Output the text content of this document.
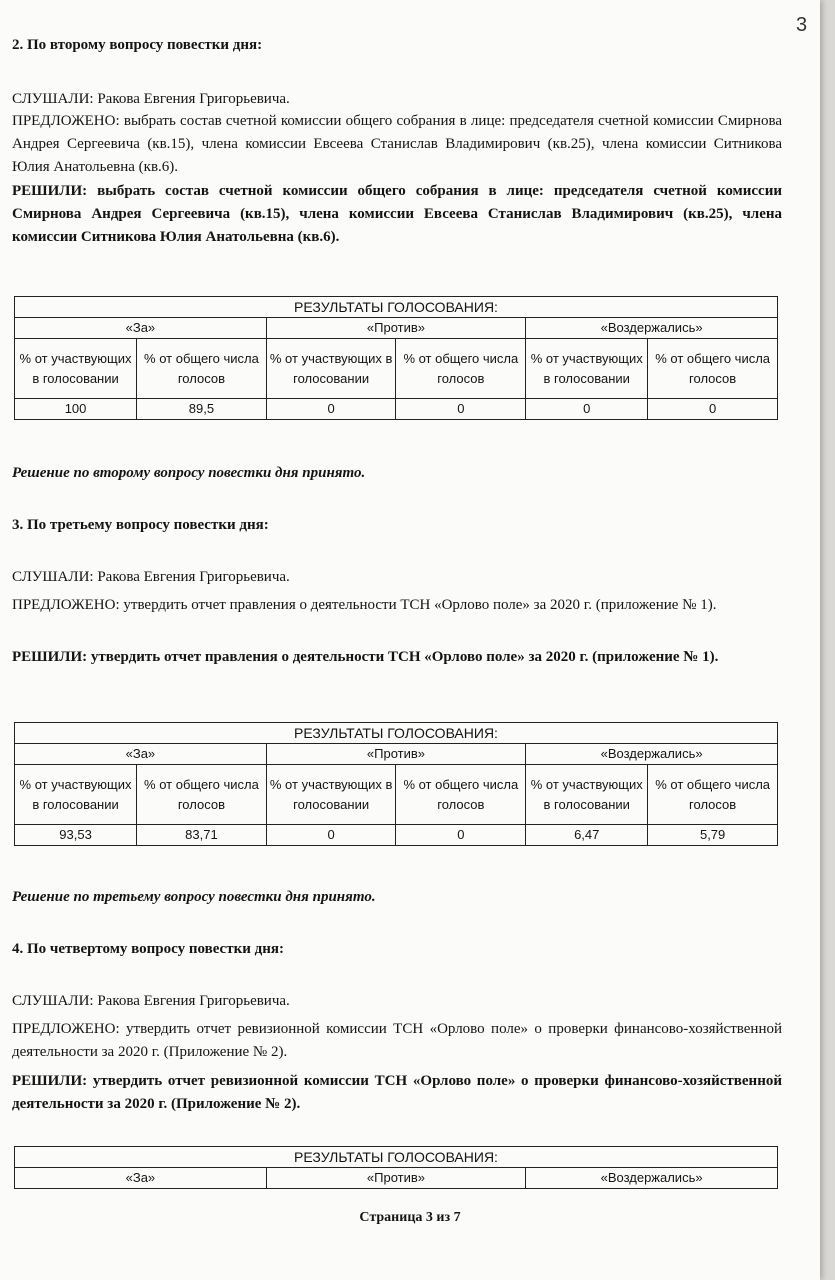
3
2. По второму вопросу повестки дня:
СЛУШАЛИ: Ракова Евгения Григорьевича.
ПРЕДЛОЖЕНО: выбрать состав счетной комиссии общего собрания в лице: председателя счетной комиссии Смирнова Андрея Сергеевича (кв.15), члена комиссии Евсеева Станислав Владимирович (кв.25), члена комиссии Ситникова Юлия Анатольевна (кв.6).
РЕШИЛИ: выбрать состав счетной комиссии общего собрания в лице: председателя счетной комиссии Смирнова Андрея Сергеевича (кв.15), члена комиссии Евсеева Станислав Владимирович (кв.25), члена комиссии Ситникова Юлия Анатольевна (кв.6).
РЕЗУЛЬТАТЫ ГОЛОСОВАНИЯ:					
«За»		«Против»		«Воздержались»	
% от участвующих в голосовании	% от общего числа голосов	% от участвующих в голосовании	% от общего числа голосов	% от участвующих в голосовании	% от общего числа голосов
100	89,5	0	0	0	0
Решение по второму вопросу повестки дня принято.
3. По третьему вопросу повестки дня:
СЛУШАЛИ: Ракова Евгения Григорьевича.
ПРЕДЛОЖЕНО: утвердить отчет правления о деятельности ТСН «Орлово поле» за 2020 г. (приложение № 1).
РЕШИЛИ: утвердить отчет правления о деятельности ТСН «Орлово поле» за 2020 г. (приложение № 1).
РЕЗУЛЬТАТЫ ГОЛОСОВАНИЯ:					
«За»		«Против»		«Воздержались»	
% от участвующих в голосовании	% от общего числа голосов	% от участвующих в голосовании	% от общего числа голосов	% от участвующих в голосовании	% от общего числа голосов
93,53	83,71	0	0	6,47	5,79
Решение по третьему вопросу повестки дня принято.
4. По четвертому вопросу повестки дня:
СЛУШАЛИ: Ракова Евгения Григорьевича.
ПРЕДЛОЖЕНО: утвердить отчет ревизионной комиссии ТСН «Орлово поле» о проверки финансово-хозяйственной деятельности за 2020 г. (Приложение № 2).
РЕШИЛИ: утвердить отчет ревизионной комиссии ТСН «Орлово поле» о проверки финансово-хозяйственной деятельности за 2020 г. (Приложение № 2).
РЕЗУЛЬТАТЫ ГОЛОСОВАНИЯ:
«За»	«Против»	«Воздержались»
Страница 3 из 7
